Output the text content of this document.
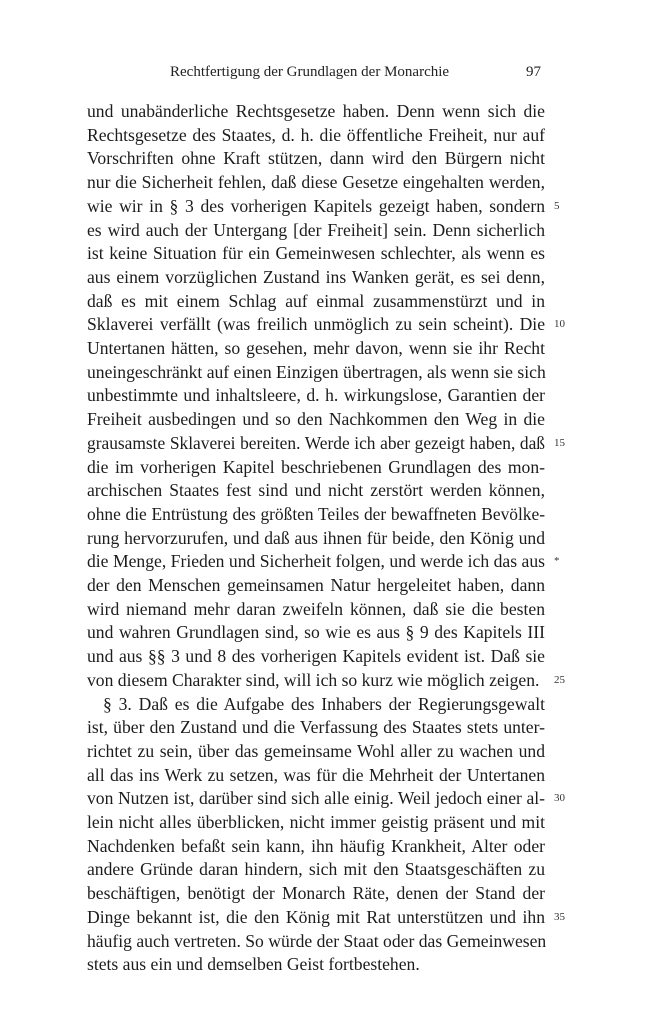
Rechtfertigung der Grundlagen der Monarchie	97
und unabänderliche Rechtsgesetze haben. Denn wenn sich die
Rechtsgesetze des Staates, d. h. die öffentliche Freiheit, nur auf
Vorschriften ohne Kraft stützen, dann wird den Bürgern nicht
nur die Sicherheit fehlen, daß diese Gesetze eingehalten werden,
wie wir in § 3 des vorherigen Kapitels gezeigt haben, sondern
es wird auch der Untergang [der Freiheit] sein. Denn sicherlich
ist keine Situation für ein Gemeinwesen schlechter, als wenn es
aus einem vorzüglichen Zustand ins Wanken gerät, es sei denn,
daß es mit einem Schlag auf einmal zusammenstürzt und in
Sklaverei verfällt (was freilich unmöglich zu sein scheint). Die
Untertanen hätten, so gesehen, mehr davon, wenn sie ihr Recht
uneingeschränkt auf einen Einzigen übertragen, als wenn sie sich
unbestimmte und inhaltsleere, d. h. wirkungslose, Garantien der
Freiheit ausbedingen und so den Nachkommen den Weg in die
grausamste Sklaverei bereiten. Werde ich aber gezeigt haben, daß
die im vorherigen Kapitel beschriebenen Grundlagen des mon-
archischen Staates fest sind und nicht zerstört werden können,
ohne die Entrüstung des größten Teiles der bewaffneten Bevölke-
rung hervorzurufen, und daß aus ihnen für beide, den König und
die Menge, Frieden und Sicherheit folgen, und werde ich das aus
der den Menschen gemeinsamen Natur hergeleitet haben, dann
wird niemand mehr daran zweifeln können, daß sie die besten
und wahren Grundlagen sind, so wie es aus § 9 des Kapitels III
und aus §§ 3 und 8 des vorherigen Kapitels evident ist. Daß sie
von diesem Charakter sind, will ich so kurz wie möglich zeigen.
§ 3. Daß es die Aufgabe des Inhabers der Regierungsgewalt
ist, über den Zustand und die Verfassung des Staates stets unter-
richtet zu sein, über das gemeinsame Wohl aller zu wachen und
all das ins Werk zu setzen, was für die Mehrheit der Untertanen
von Nutzen ist, darüber sind sich alle einig. Weil jedoch einer al-
lein nicht alles überblicken, nicht immer geistig präsent und mit
Nachdenken befaßt sein kann, ihn häufig Krankheit, Alter oder
andere Gründe daran hindern, sich mit den Staatsgeschäften zu
beschäftigen, benötigt der Monarch Räte, denen der Stand der
Dinge bekannt ist, die den König mit Rat unterstützen und ihn
häufig auch vertreten. So würde der Staat oder das Gemeinwesen
stets aus ein und demselben Geist fortbestehen.
5
10
15
*
25
30
35
